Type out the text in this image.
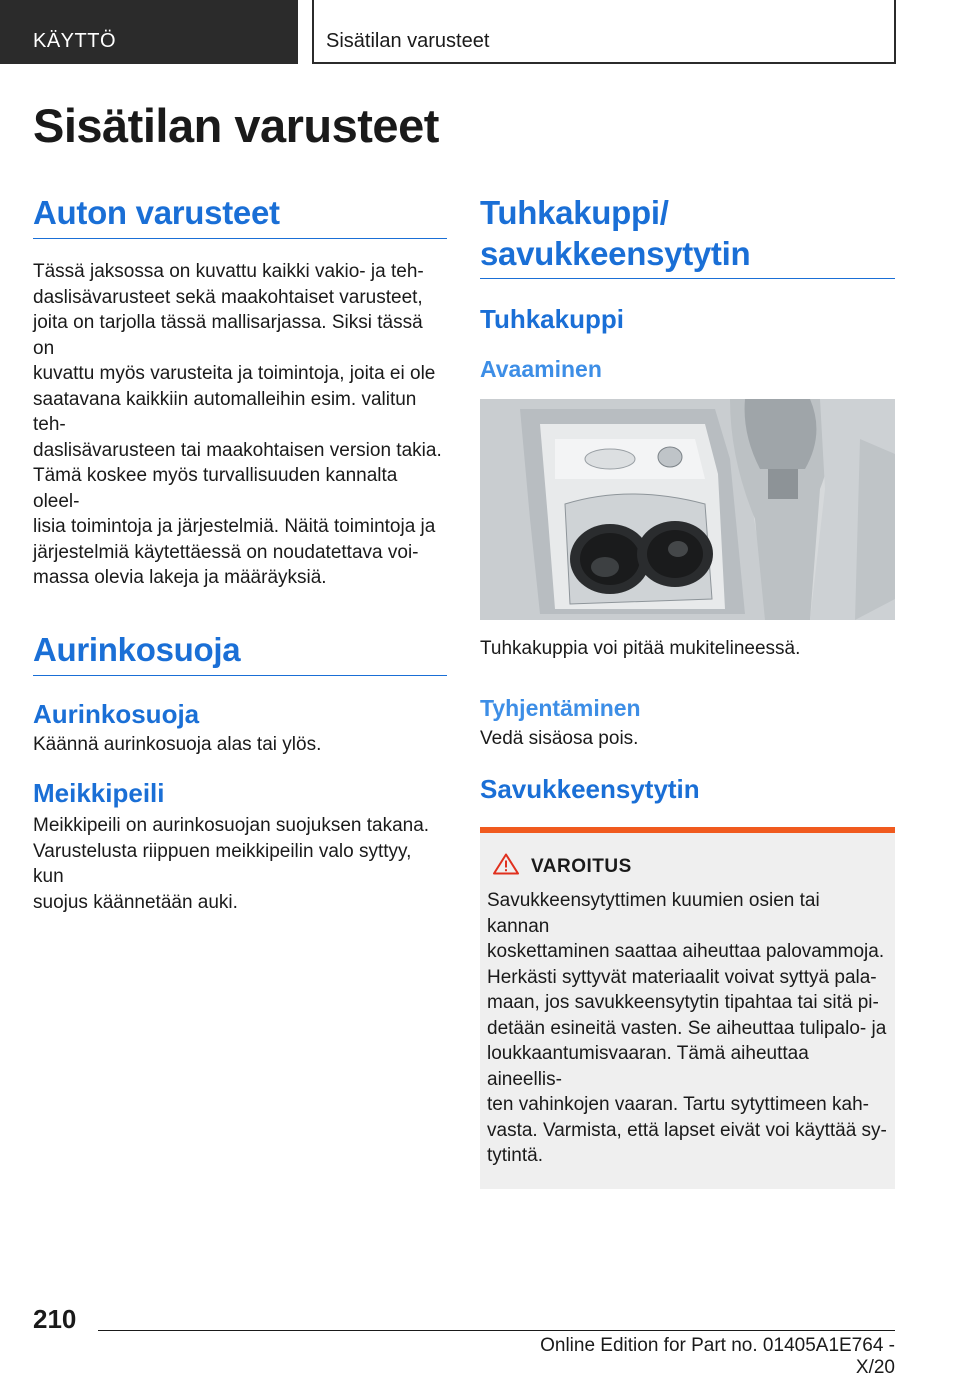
KÄYTTÖ	Sisätilan varusteet
Sisätilan varusteet
Auton varusteet
Tässä jaksossa on kuvattu kaikki vakio- ja teh-
daslisävarusteet sekä maakohtaiset varusteet,
joita on tarjolla tässä mallisarjassa. Siksi tässä on
kuvattu myös varusteita ja toimintoja, joita ei ole
saatavana kaikkiin automalleihin esim. valitun teh-
daslisävarusteen tai maakohtaisen version takia.
Tämä koskee myös turvallisuuden kannalta oleel-
lisia toimintoja ja järjestelmiä. Näitä toimintoja ja
järjestelmiä käytettäessä on noudatettava voi-
massa olevia lakeja ja määräyksiä.
Aurinkosuoja
Aurinkosuoja
Käännä aurinkosuoja alas tai ylös.
Meikkipeili
Meikkipeili on aurinkosuojan suojuksen takana.
Varustelusta riippuen meikkipeilin valo syttyy, kun
suojus käännetään auki.
Tuhkakuppi/
savukkeensytytin
Tuhkakuppi
Avaaminen
Tuhkakuppia voi pitää mukitelineessä.
Tyhjentäminen
Vedä sisäosa pois.
Savukkeensytytin
VAROITUS
Savukkeensytyttimen kuumien osien tai kannan
koskettaminen saattaa aiheuttaa palovammoja.
Herkästi syttyvät materiaalit voivat syttyä pala-
maan, jos savukkeensytytin tipahtaa tai sitä pi-
detään esineitä vasten. Se aiheuttaa tulipalo- ja
loukkaantumisvaaran. Tämä aiheuttaa aineellis-
ten vahinkojen vaaran. Tartu sytyttimeen kah-
vasta. Varmista, että lapset eivät voi käyttää sy-
tytintä.
210
Online Edition for Part no. 01405A1E764 - X/20
